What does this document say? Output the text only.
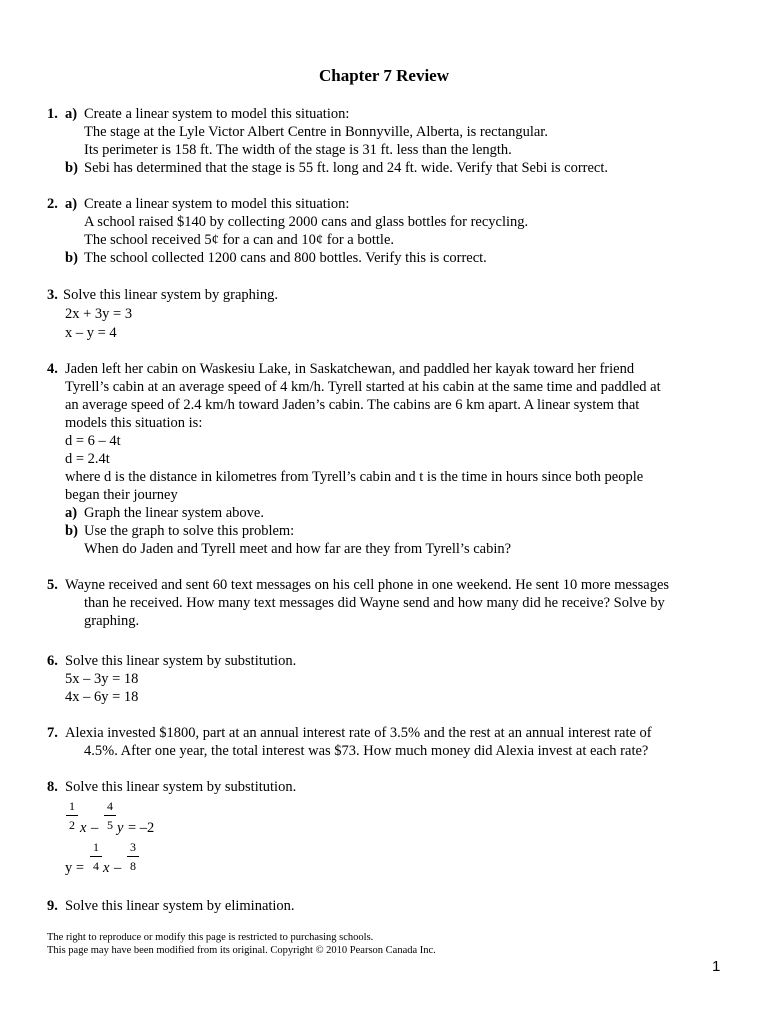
Chapter 7 Review
1. a) Create a linear system to model this situation:
The stage at the Lyle Victor Albert Centre in Bonnyville, Alberta, is rectangular.
Its perimeter is 158 ft. The width of the stage is 31 ft. less than the length.
b) Sebi has determined that the stage is 55 ft. long and 24 ft. wide. Verify that Sebi is correct.
2. a) Create a linear system to model this situation:
A school raised $140 by collecting 2000 cans and glass bottles for recycling.
The school received 5¢ for a can and 10¢ for a bottle.
b) The school collected 1200 cans and 800 bottles. Verify this is correct.
3. Solve this linear system by graphing.
2x + 3y = 3
x – y = 4
4. Jaden left her cabin on Waskesiu Lake, in Saskatchewan, and paddled her kayak toward her friend
Tyrell’s cabin at an average speed of 4 km/h. Tyrell started at his cabin at the same time and paddled at
an average speed of 2.4 km/h toward Jaden’s cabin. The cabins are 6 km apart. A linear system that
models this situation is:
d = 6 – 4t
d = 2.4t
where d is the distance in kilometres from Tyrell’s cabin and t is the time in hours since both people
began their journey
a) Graph the linear system above.
b) Use the graph to solve this problem:
When do Jaden and Tyrell meet and how far are they from Tyrell’s cabin?
5. Wayne received and sent 60 text messages on his cell phone in one weekend. He sent 10 more messages
than he received. How many text messages did Wayne send and how many did he receive? Solve by
graphing.
6. Solve this linear system by substitution.
5x – 3y = 18
4x – 6y = 18
7. Alexia invested $1800, part at an annual interest rate of 3.5% and the rest at an annual interest rate of
4.5%. After one year, the total interest was $73. How much money did Alexia invest at each rate?
8. Solve this linear system by substitution.
1
2 x –
4
5 y = –2
y =
1
4 x –
3
8
9. Solve this linear system by elimination.
The right to reproduce or modify this page is restricted to purchasing schools.
This page may have been modified from its original. Copyright © 2010 Pearson Canada Inc.
1
